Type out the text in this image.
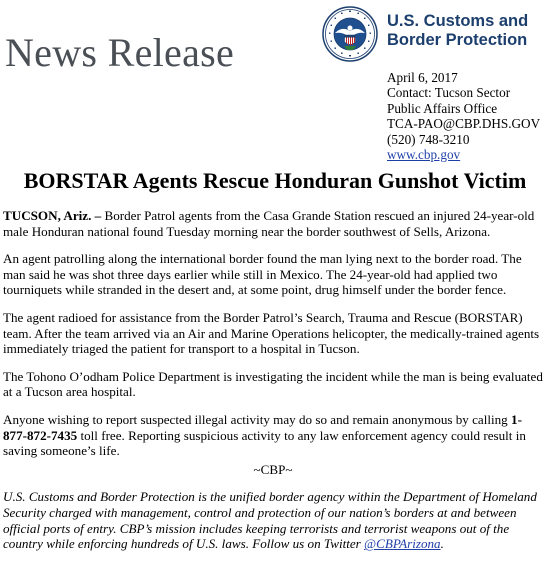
News Release
U.S. Customs and
Border Protection
April 6, 2017
Contact: Tucson Sector
Public Affairs Office
TCA-PAO@CBP.DHS.GOV
(520) 748-3210
www.cbp.gov
BORSTAR Agents Rescue Honduran Gunshot Victim

TUCSON, Ariz. – Border Patrol agents from the Casa Grande Station rescued an injured 24-year-old male Honduran national found Tuesday morning near the border southwest of Sells, Arizona.

An agent patrolling along the international border found the man lying next to the border road. The man said he was shot three days earlier while still in Mexico. The 24-year-old had applied two tourniquets while stranded in the desert and, at some point, drug himself under the border fence.

The agent radioed for assistance from the Border Patrol’s Search, Trauma and Rescue (BORSTAR) team. After the team arrived via an Air and Marine Operations helicopter, the medically-trained agents immediately triaged the patient for transport to a hospital in Tucson.

The Tohono O’odham Police Department is investigating the incident while the man is being evaluated at a Tucson area hospital.

Anyone wishing to report suspected illegal activity may do so and remain anonymous by calling 1-877-872-7435 toll free. Reporting suspicious activity to any law enforcement agency could result in saving someone’s life.

~CBP~

U.S. Customs and Border Protection is the unified border agency within the Department of Homeland Security charged with management, control and protection of our nation’s borders at and between official ports of entry. CBP’s mission includes keeping terrorists and terrorist weapons out of the country while enforcing hundreds of U.S. laws. Follow us on Twitter @CBPArizona.
